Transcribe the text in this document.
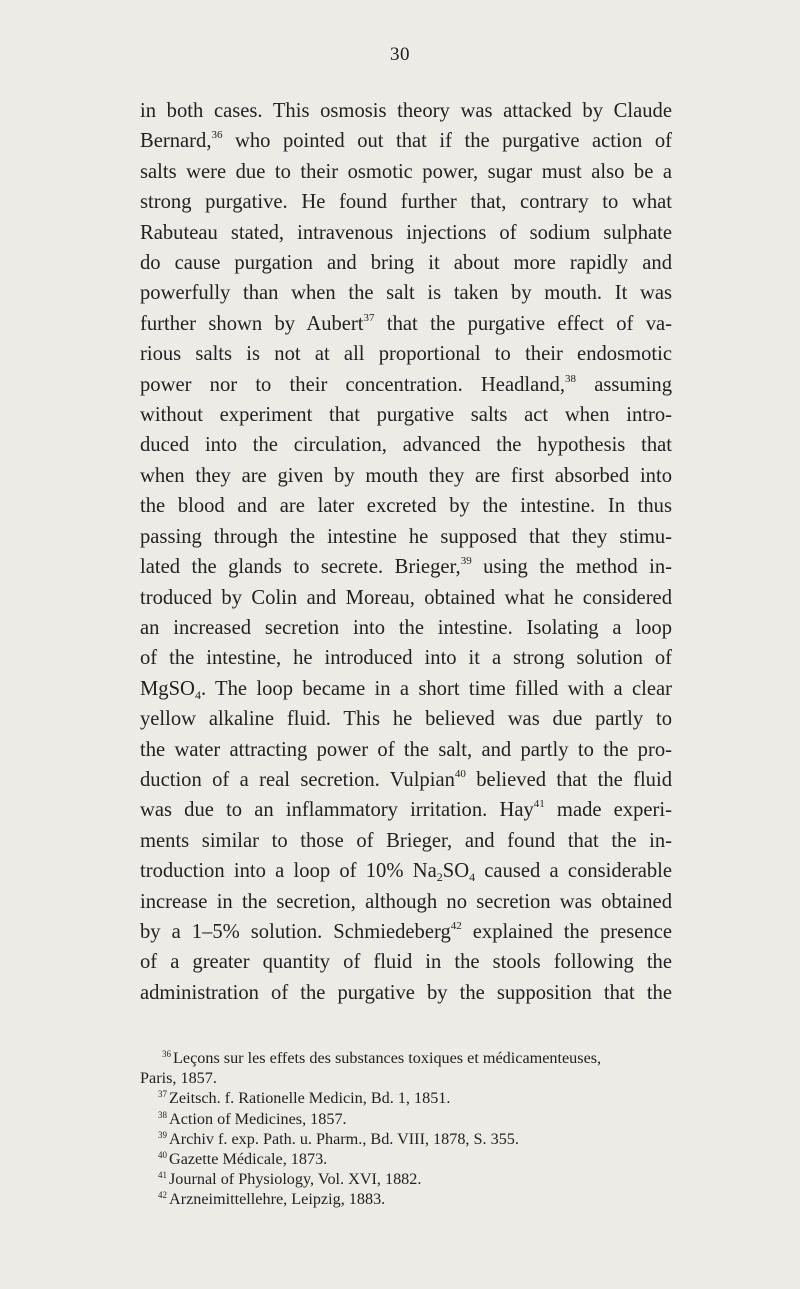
30
in both cases. This osmosis theory was attacked by Claude
Bernard,$^{36}$ who pointed out that if the purgative action of
salts were due to their osmotic power, sugar must also be a
strong purgative. He found further that, contrary to what
Rabuteau stated, intravenous injections of sodium sulphate
do cause purgation and bring it about more rapidly and
powerfully than when the salt is taken by mouth. It was
further shown by Aubert$^{37}$ that the purgative effect of va-
rious salts is not at all proportional to their endosmotic
power nor to their concentration. Headland,$^{38}$ assuming
without experiment that purgative salts act when intro-
duced into the circulation, advanced the hypothesis that
when they are given by mouth they are first absorbed into
the blood and are later excreted by the intestine. In thus
passing through the intestine he supposed that they stimu-
lated the glands to secrete. Brieger,$^{39}$ using the method in-
troduced by Colin and Moreau, obtained what he considered
an increased secretion into the intestine. Isolating a loop
of the intestine, he introduced into it a strong solution of
MgSO$_4$. The loop became in a short time filled with a clear
yellow alkaline fluid. This he believed was due partly to
the water attracting power of the salt, and partly to the pro-
duction of a real secretion. Vulpian$^{40}$ believed that the fluid
was due to an inflammatory irritation. Hay$^{41}$ made experi-
ments similar to those of Brieger, and found that the in-
troduction into a loop of 10% $Na_2SO_4$ caused a considerable
increase in the secretion, although no secretion was obtained
by a 1–5% solution. Schmiedeberg$^{42}$ explained the presence
of a greater quantity of fluid in the stools following the
administration of the purgative by the supposition that the
$^{36}$ Leçons sur les effets des substances toxiques et médicamenteuses,
Paris, 1857.
$^{37}$ Zeitsch. f. Rationelle Medicin, Bd. 1, 1851.
$^{38}$ Action of Medicines, 1857.
$^{39}$ Archiv f. exp. Path. u. Pharm., Bd. VIII, 1878, S. 355.
$^{40}$ Gazette Médicale, 1873.
$^{41}$ Journal of Physiology, Vol. XVI, 1882.
$^{42}$ Arzneimittellehre, Leipzig, 1883.
